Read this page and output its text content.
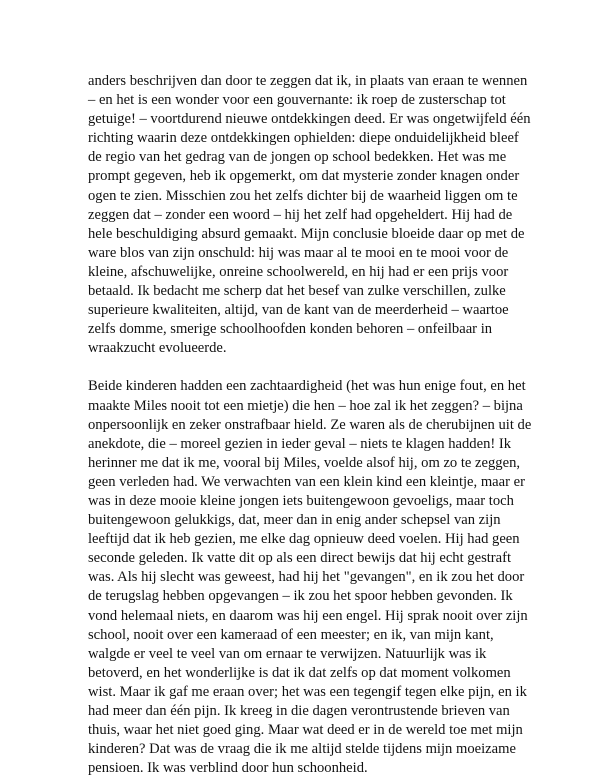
anders beschrijven dan door te zeggen dat ik, in plaats van eraan te wennen
– en het is een wonder voor een gouvernante: ik roep de zusterschap tot
getuige! – voortdurend nieuwe ontdekkingen deed. Er was ongetwijfeld één
richting waarin deze ontdekkingen ophielden: diepe onduidelijkheid bleef
de regio van het gedrag van de jongen op school bedekken. Het was me
prompt gegeven, heb ik opgemerkt, om dat mysterie zonder knagen onder
ogen te zien. Misschien zou het zelfs dichter bij de waarheid liggen om te
zeggen dat – zonder een woord – hij het zelf had opgeheldert. Hij had de
hele beschuldiging absurd gemaakt. Mijn conclusie bloeide daar op met de
ware blos van zijn onschuld: hij was maar al te mooi en te mooi voor de
kleine, afschuwelijke, onreine schoolwereld, en hij had er een prijs voor
betaald. Ik bedacht me scherp dat het besef van zulke verschillen, zulke
superieure kwaliteiten, altijd, van de kant van de meerderheid – waartoe
zelfs domme, smerige schoolhoofden konden behoren – onfeilbaar in
wraakzucht evolueerde.
Beide kinderen hadden een zachtaardigheid (het was hun enige fout, en het
maakte Miles nooit tot een mietje) die hen – hoe zal ik het zeggen? – bijna
onpersoonlijk en zeker onstrafbaar hield. Ze waren als de cherubijnen uit de
anekdote, die – moreel gezien in ieder geval – niets te klagen hadden! Ik
herinner me dat ik me, vooral bij Miles, voelde alsof hij, om zo te zeggen,
geen verleden had. We verwachten van een klein kind een kleintje, maar er
was in deze mooie kleine jongen iets buitengewoon gevoeligs, maar toch
buitengewoon gelukkigs, dat, meer dan in enig ander schepsel van zijn
leeftijd dat ik heb gezien, me elke dag opnieuw deed voelen. Hij had geen
seconde geleden. Ik vatte dit op als een direct bewijs dat hij echt gestraft
was. Als hij slecht was geweest, had hij het "gevangen", en ik zou het door
de terugslag hebben opgevangen – ik zou het spoor hebben gevonden. Ik
vond helemaal niets, en daarom was hij een engel. Hij sprak nooit over zijn
school, nooit over een kameraad of een meester; en ik, van mijn kant,
walgde er veel te veel van om ernaar te verwijzen. Natuurlijk was ik
betoverd, en het wonderlijke is dat ik dat zelfs op dat moment volkomen
wist. Maar ik gaf me eraan over; het was een tegengif tegen elke pijn, en ik
had meer dan één pijn. Ik kreeg in die dagen verontrustende brieven van
thuis, waar het niet goed ging. Maar wat deed er in de wereld toe met mijn
kinderen? Dat was de vraag die ik me altijd stelde tijdens mijn moeizame
pensioen. Ik was verblind door hun schoonheid.
